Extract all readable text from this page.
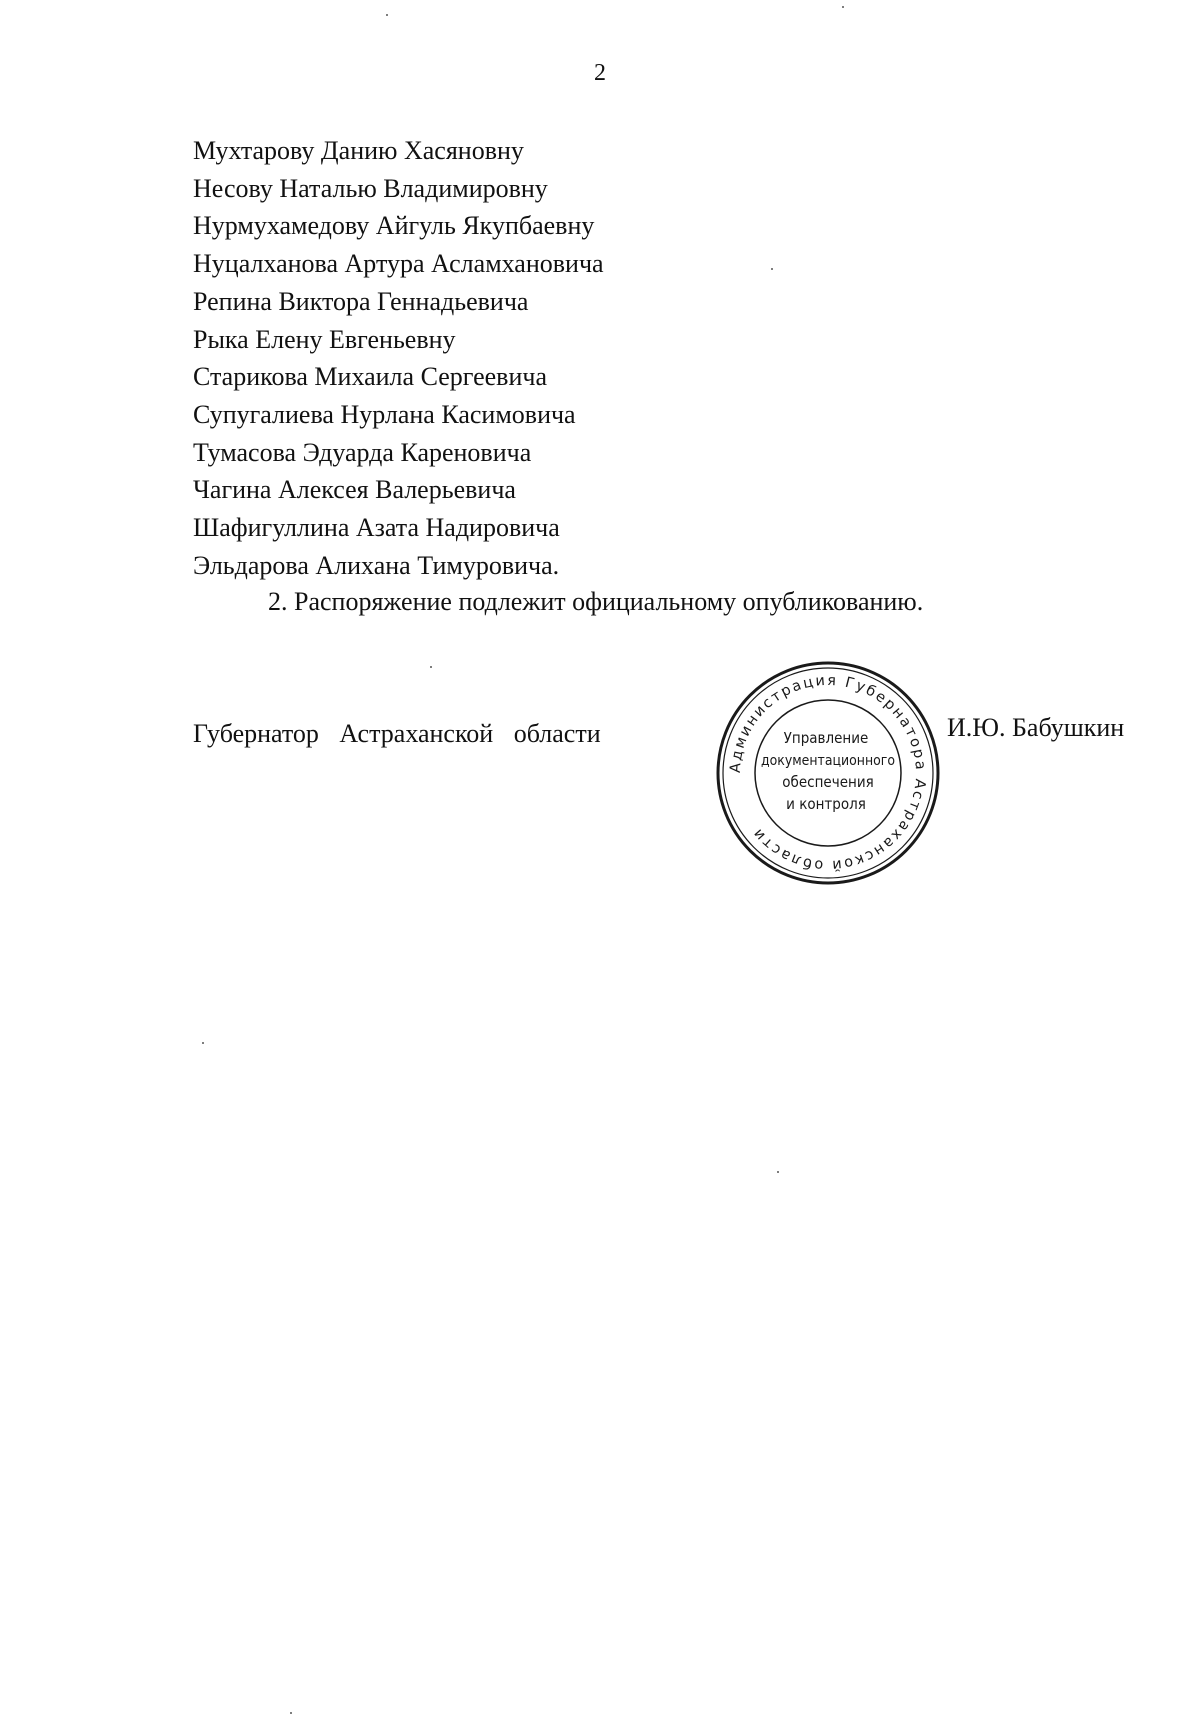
2
Мухтарову Данию Хасяновну
Несову Наталью Владимировну
Нурмухамедову Айгуль Якупбаевну
Нуцалханова Артура Асламхановича
Репина Виктора Геннадьевича
Рыка Елену Евгеньевну
Старикова Михаила Сергеевича
Супугалиева Нурлана Касимовича
Тумасова Эдуарда Кареновича
Чагина Алексея Валерьевича
Шафигуллина Азата Надировича
Эльдарова Алихана Тимуровича.
2. Распоряжение подлежит официальному опубликованию.
Губернатор Астраханской области
Администрация Губернатора Астраханской области
Управление
документационного
обеспечения
и контроля
И.Ю. Бабушкин
